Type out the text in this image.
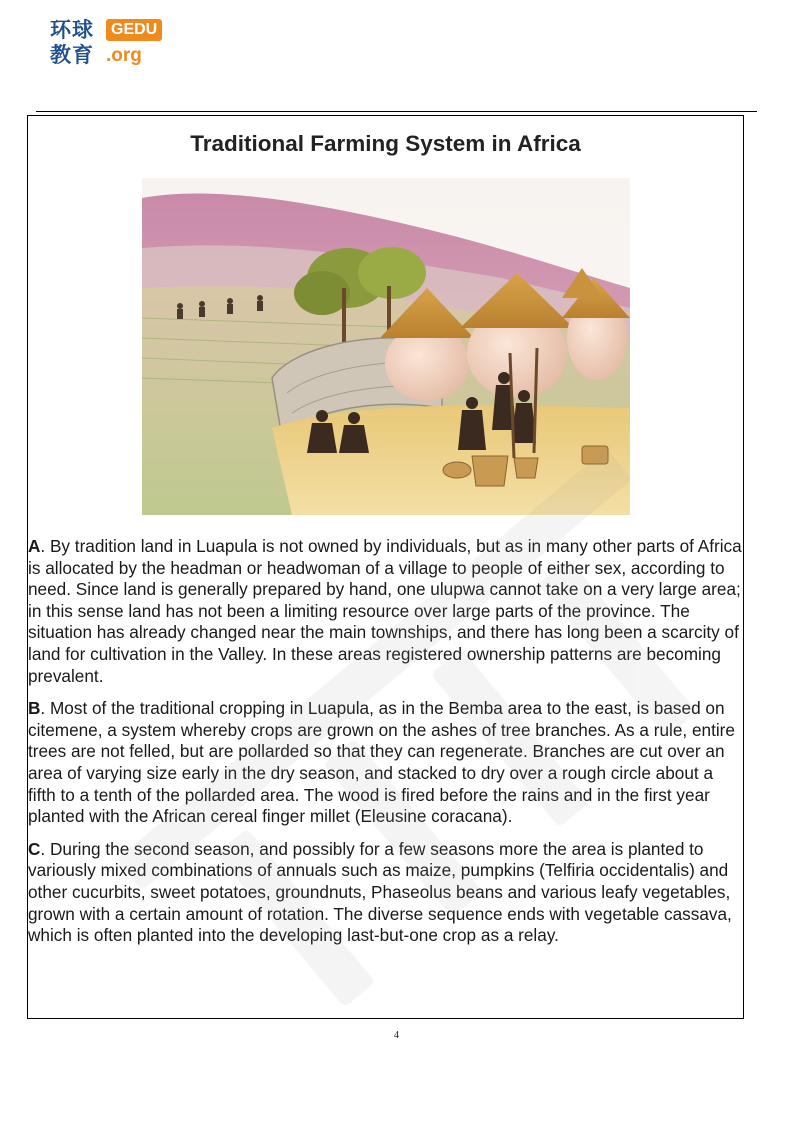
环球
教育
GEDU
.org
Traditional Farming System in Africa

A. By tradition land in Luapula is not owned by individuals, but as in many other parts of Africa is allocated by the headman or headwoman of a village to people of either sex, according to need. Since land is generally prepared by hand, one ulupwa cannot take on a very large area; in this sense land has not been a limiting resource over large parts of the province. The situation has already changed near the main townships, and there has long been a scarcity of land for cultivation in the Valley. In these areas registered ownership patterns are becoming prevalent.

B. Most of the traditional cropping in Luapula, as in the Bemba area to the east, is based on citemene, a system whereby crops are grown on the ashes of tree branches. As a rule, entire trees are not felled, but are pollarded so that they can regenerate. Branches are cut over an area of varying size early in the dry season, and stacked to dry over a rough circle about a fifth to a tenth of the pollarded area. The wood is fired before the rains and in the first year planted with the African cereal finger millet (Eleusine coracana).

C. During the second season, and possibly for a few seasons more the area is planted to variously mixed combinations of annuals such as maize, pumpkins (Telfiria occidentalis) and other cucurbits, sweet potatoes, groundnuts, Phaseolus beans and various leafy vegetables, grown with a certain amount of rotation. The diverse sequence ends with vegetable cassava, which is often planted into the developing last-but-one crop as a relay.

4
